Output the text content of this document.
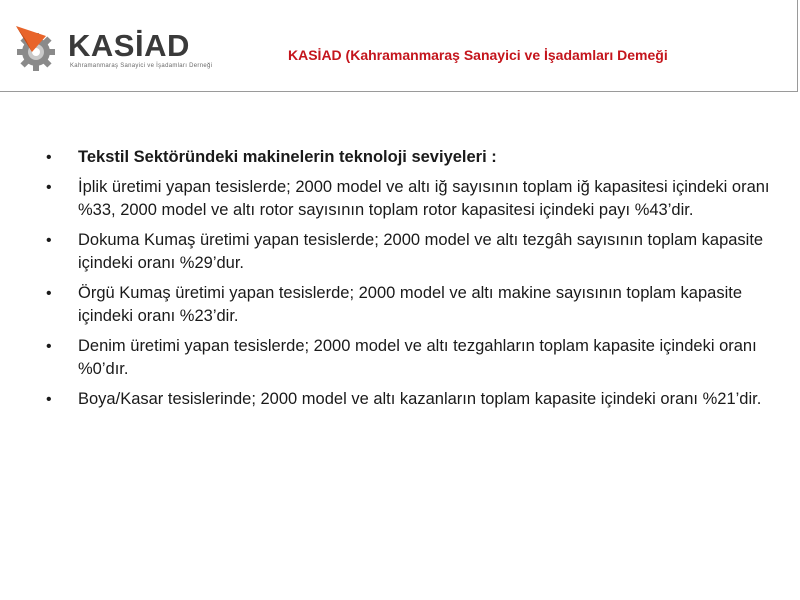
KASİAD
Kahramanmaraş Sanayici ve İşadamları Derneği
KASİAD (Kahramanmaraş Sanayici ve İşadamları Demeği
• Tekstil Sektöründeki makinelerin teknoloji seviyeleri :
• İplik üretimi yapan tesislerde; 2000 model ve altı iğ sayısının toplam iğ kapasitesi içindeki oranı %33, 2000 model ve altı rotor sayısının toplam rotor kapasitesi içindeki payı %43’dir.
• Dokuma Kumaş üretimi yapan tesislerde; 2000 model ve altı tezgâh sayısının toplam kapasite içindeki oranı %29’dur.
• Örgü Kumaş üretimi yapan tesislerde; 2000 model ve altı makine sayısının toplam kapasite içindeki oranı %23’dir.
• Denim üretimi yapan tesislerde; 2000 model ve altı tezgahların toplam kapasite içindeki oranı %0’dır.
• Boya/Kasar tesislerinde; 2000 model ve altı kazanların toplam kapasite içindeki oranı %21’dir.
